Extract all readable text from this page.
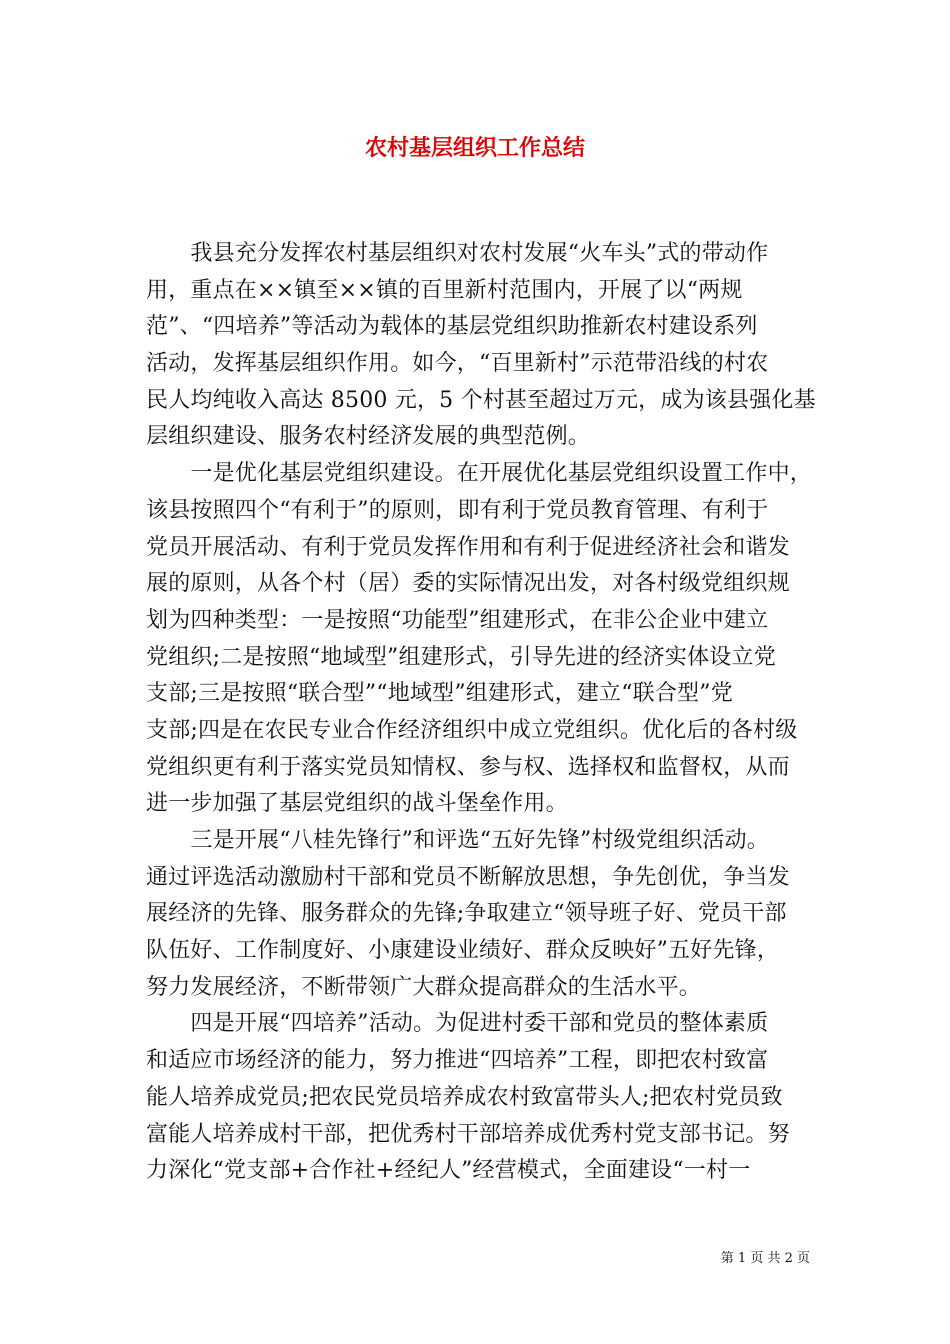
农村基层组织工作总结
　　我县充分发挥农村基层组织对农村发展“火车头”式的带动作
用，重点在××镇至××镇的百里新村范围内，开展了以“两规
范”、“四培养”等活动为载体的基层党组织助推新农村建设系列
活动，发挥基层组织作用。如今，“百里新村”示范带沿线的村农
民人均纯收入高达 8500 元，5 个村甚至超过万元，成为该县强化基
层组织建设、服务农村经济发展的典型范例。
　　一是优化基层党组织建设。在开展优化基层党组织设置工作中，
该县按照四个“有利于”的原则，即有利于党员教育管理、有利于
党员开展活动、有利于党员发挥作用和有利于促进经济社会和谐发
展的原则，从各个村（居）委的实际情况出发，对各村级党组织规
划为四种类型：一是按照“功能型”组建形式，在非公企业中建立
党组织;二是按照“地域型”组建形式，引导先进的经济实体设立党
支部;三是按照“联合型”“地域型”组建形式，建立“联合型”党
支部;四是在农民专业合作经济组织中成立党组织。优化后的各村级
党组织更有利于落实党员知情权、参与权、选择权和监督权，从而
进一步加强了基层党组织的战斗堡垒作用。
　　三是开展“八桂先锋行”和评选“五好先锋”村级党组织活动。
通过评选活动激励村干部和党员不断解放思想，争先创优，争当发
展经济的先锋、服务群众的先锋;争取建立“领导班子好、党员干部
队伍好、工作制度好、小康建设业绩好、群众反映好”五好先锋，
努力发展经济，不断带领广大群众提高群众的生活水平。
　　四是开展“四培养”活动。为促进村委干部和党员的整体素质
和适应市场经济的能力，努力推进“四培养”工程，即把农村致富
能人培养成党员;把农民党员培养成农村致富带头人;把农村党员致
富能人培养成村干部，把优秀村干部培养成优秀村党支部书记。努
力深化“党支部+合作社+经纪人”经营模式，全面建设“一村一
第 1 页 共 2 页
